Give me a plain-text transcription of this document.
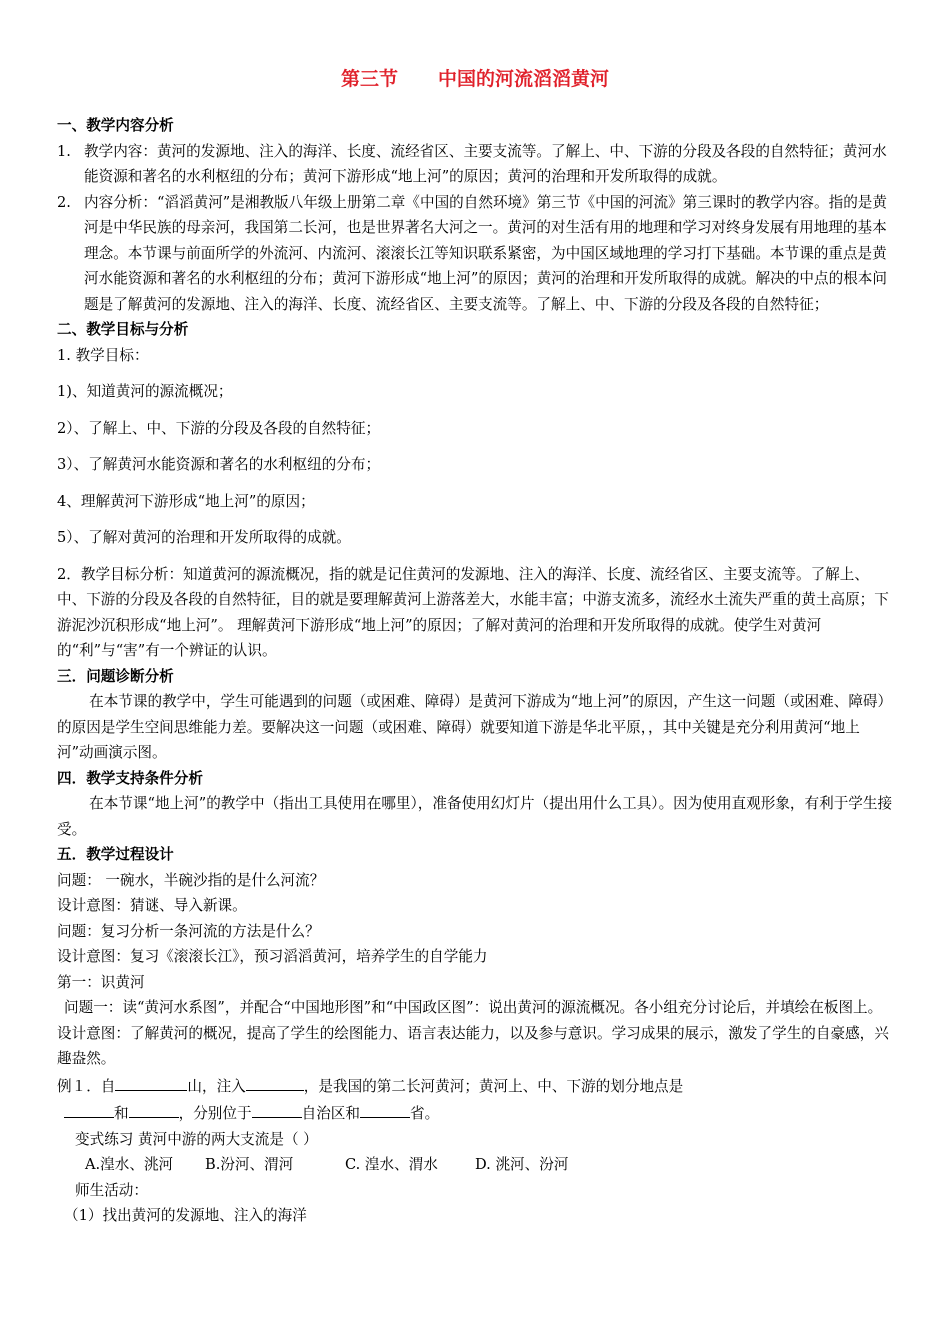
第三节 中国的河流滔滔黄河
一、教学内容分析
1. 教学内容：黄河的发源地、注入的海洋、长度、流经省区、主要支流等。了解上、中、下游的分段及各段的自然特征；黄河水能资源和著名的水利枢纽的分布；黄河下游形成“地上河”的原因；黄河的治理和开发所取得的成就。
2. 内容分析：“滔滔黄河”是湘教版八年级上册第二章《中国的自然环境》第三节《中国的河流》第三课时的教学内容。指的是黄河是中华民族的母亲河，我国第二长河，也是世界著名大河之一。黄河的对生活有用的地理和学习对终身发展有用地理的基本理念。本节课与前面所学的外流河、内流河、滚滚长江等知识联系紧密，为中国区域地理的学习打下基础。本节课的重点是黄河水能资源和著名的水利枢纽的分布；黄河下游形成“地上河”的原因；黄河的治理和开发所取得的成就。解决的中点的根本问题是了解黄河的发源地、注入的海洋、长度、流经省区、主要支流等。了解上、中、下游的分段及各段的自然特征；
二、教学目标与分析
1. 教学目标：
1)、知道黄河的源流概况；
2）、了解上、中、下游的分段及各段的自然特征；
3）、了解黄河水能资源和著名的水利枢纽的分布；
4、理解黄河下游形成“地上河”的原因；
5）、了解对黄河的治理和开发所取得的成就。
2．教学目标分析：知道黄河的源流概况，指的就是记住黄河的发源地、注入的海洋、长度、流经省区、主要支流等。了解上、中、下游的分段及各段的自然特征，目的就是要理解黄河上游落差大，水能丰富；中游支流多，流经水土流失严重的黄土高原；下游泥沙沉积形成“地上河”。 理解黄河下游形成“地上河”的原因；了解对黄河的治理和开发所取得的成就。使学生对黄河的“利”与“害”有一个辨证的认识。
三．问题诊断分析
在本节课的教学中，学生可能遇到的问题（或困难、障碍）是黄河下游成为“地上河”的原因，产生这一问题（或困难、障碍）的原因是学生空间思维能力差。要解决这一问题（或困难、障碍）就要知道下游是华北平原，，其中关键是充分利用黄河“地上河”动画演示图。
四．教学支持条件分析
在本节课“地上河”的教学中（指出工具使用在哪里），准备使用幻灯片（提出用什么工具）。因为使用直观形象，有利于学生接受。
五．教学过程设计
问题： 一碗水，半碗沙指的是什么河流？
设计意图：猜谜、导入新课。
问题：复习分析一条河流的方法是什么？
设计意图：复习《滚滚长江》，预习滔滔黄河，培养学生的自学能力
第一：识黄河
问题一：读“黄河水系图”，并配合“中国地形图”和“中国政区图”：说出黄河的源流概况。各小组充分讨论后，并填绘在板图上。
设计意图：了解黄河的概况，提高了学生的绘图能力、语言表达能力，以及参与意识。学习成果的展示，激发了学生的自豪感，兴趣盎然。
例１．自	山，注入	，是我国的第二长河黄河；黄河上、中、下游的划分地点是
和	，分别位于	自治区和	省。
变式练习 黄河中游的两大支流是（ ）
A.湟水、洮河 B.汾河、渭河	C. 湟水、渭水	D. 洮河、汾河
师生活动：
（1）找出黄河的发源地、注入的海洋
